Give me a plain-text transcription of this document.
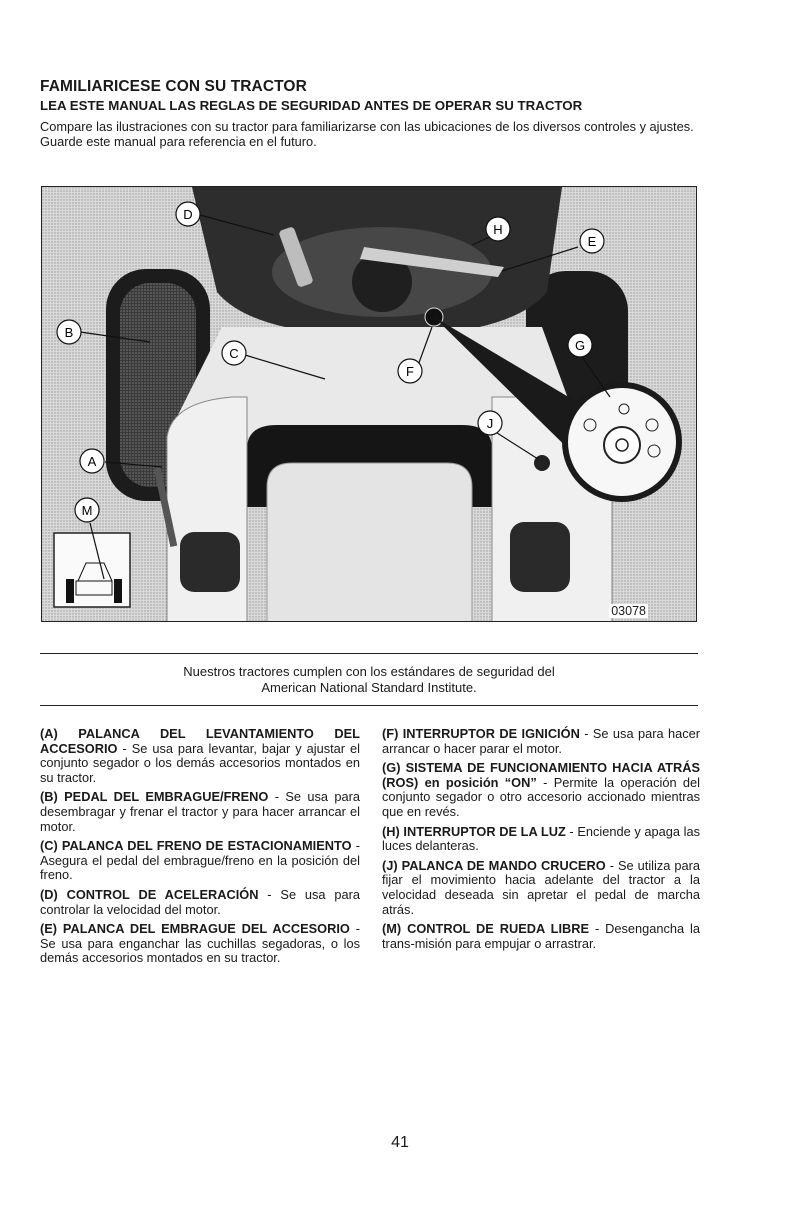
FAMILIARICESE CON SU TRACTOR
LEA ESTE MANUAL LAS REGLAS DE SEGURIDAD ANTES DE OPERAR SU TRACTOR
Compare las ilustraciones con su tractor para familiarizarse con las ubicaciones de los diversos controles y ajustes. Guarde este manual para referencia en el futuro.
D
H
E
B
C
G
F
J
A
M
03078
Nuestros tractores cumplen con los estándares de seguridad del
American National Standard Institute.

(A) PALANCA DEL LEVANTAMIENTO DEL ACCESORIO - Se usa para levantar, bajar y ajustar el conjunto segador o los demás accesorios montados en su tractor.

(B) PEDAL DEL EMBRAGUE/FRENO - Se usa para desembragar y frenar el tractor y para hacer arrancar el motor.

(C) PALANCA DEL FRENO DE ESTACIONAMIENTO - Asegura el pedal del embrague/freno en la posición del freno.

(D) CONTROL DE ACELERACIÓN - Se usa para controlar la velocidad del motor.

(E) PALANCA DEL EMBRAGUE DEL ACCESORIO - Se usa para enganchar las cuchillas segadoras, o los demás accesorios montados en su tractor.

(F) INTERRUPTOR DE IGNICIÓN - Se usa para hacer arrancar o hacer parar el motor.

(G) SISTEMA DE FUNCIONAMIENTO HACIA ATRÁS (ROS) en posición “ON” - Permite la operación del conjunto segador o otro accesorio accionado mientras que en revés.

(H) INTERRUPTOR DE LA LUZ - Enciende y apaga las luces delanteras.

(J) PALANCA DE MANDO CRUCERO - Se utiliza para fijar el movimiento hacia adelante del tractor a la velocidad deseada sin apretar el pedal de marcha atrás.

(M) CONTROL DE RUEDA LIBRE - Desengancha la trans-misión para empujar o arrastrar.

41
